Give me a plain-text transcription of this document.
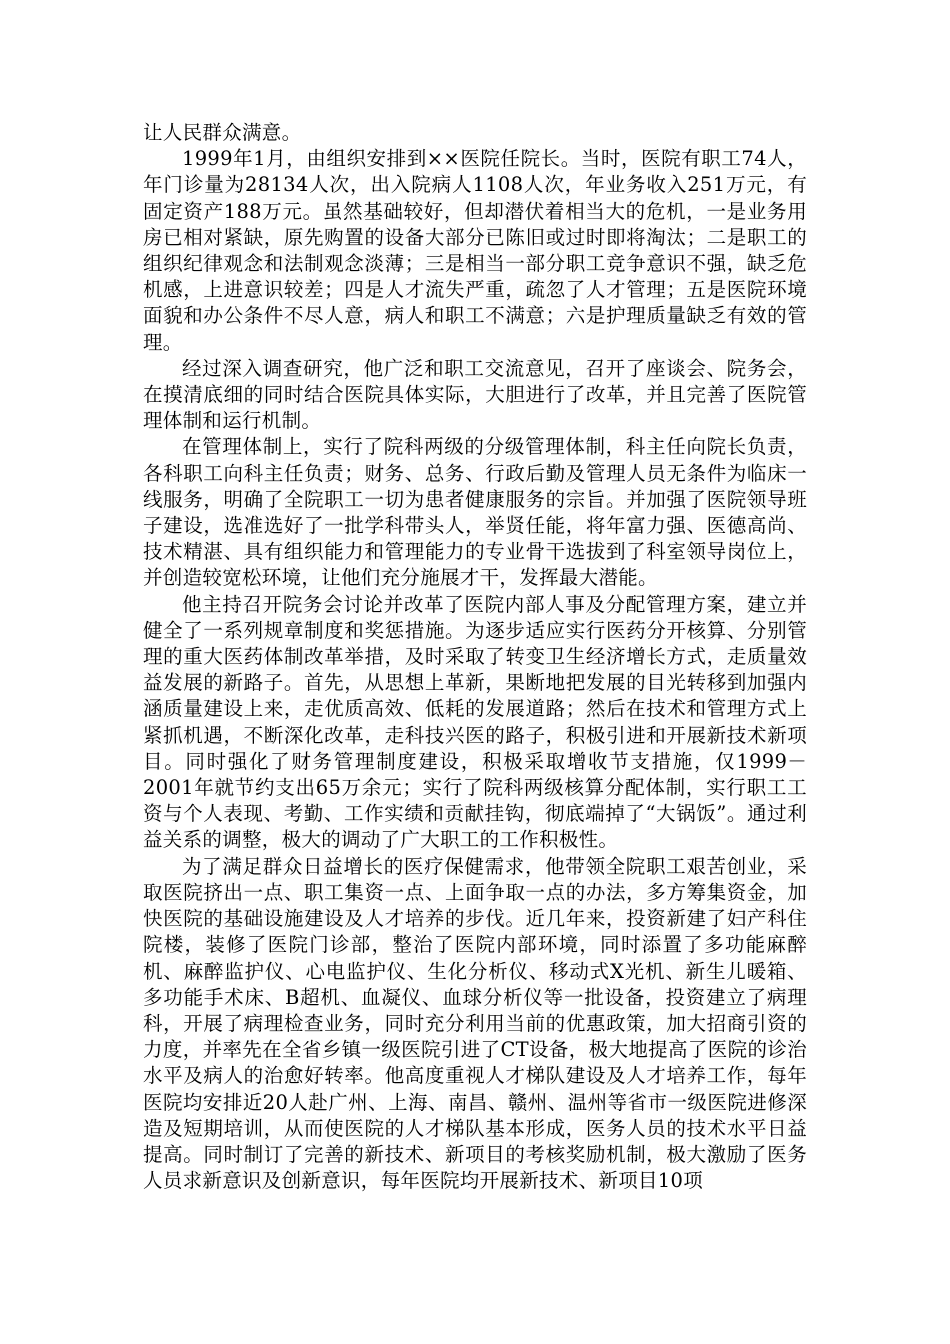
让人民群众满意。

1999年1月，由组织安排到××医院任院长。当时，医院有职工74人，年门诊量为28134人次，出入院病人1108人次，年业务收入251万元，有固定资产188万元。虽然基础较好，但却潜伏着相当大的危机，一是业务用房已相对紧缺，原先购置的设备大部分已陈旧或过时即将淘汰；二是职工的组织纪律观念和法制观念淡薄；三是相当一部分职工竞争意识不强，缺乏危机感，上进意识较差；四是人才流失严重，疏忽了人才管理；五是医院环境面貌和办公条件不尽人意，病人和职工不满意；六是护理质量缺乏有效的管理。

经过深入调查研究，他广泛和职工交流意见，召开了座谈会、院务会，在摸清底细的同时结合医院具体实际，大胆进行了改革，并且完善了医院管理体制和运行机制。

在管理体制上，实行了院科两级的分级管理体制，科主任向院长负责，各科职工向科主任负责；财务、总务、行政后勤及管理人员无条件为临床一线服务，明确了全院职工一切为患者健康服务的宗旨。并加强了医院领导班子建设，选准选好了一批学科带头人，举贤任能，将年富力强、医德高尚、技术精湛、具有组织能力和管理能力的专业骨干选拔到了科室领导岗位上，并创造较宽松环境，让他们充分施展才干，发挥最大潜能。

他主持召开院务会讨论并改革了医院内部人事及分配管理方案，建立并健全了一系列规章制度和奖惩措施。为逐步适应实行医药分开核算、分别管理的重大医药体制改革举措，及时采取了转变卫生经济增长方式，走质量效益发展的新路子。首先，从思想上革新，果断地把发展的目光转移到加强内涵质量建设上来，走优质高效、低耗的发展道路；然后在技术和管理方式上紧抓机遇，不断深化改革，走科技兴医的路子，积极引进和开展新技术新项目。同时强化了财务管理制度建设，积极采取增收节支措施，仅1999－2001年就节约支出65万余元；实行了院科两级核算分配体制，实行职工工资与个人表现、考勤、工作实绩和贡献挂钩，彻底端掉了“大锅饭”。通过利益关系的调整，极大的调动了广大职工的工作积极性。

为了满足群众日益增长的医疗保健需求，他带领全院职工艰苦创业，采取医院挤出一点、职工集资一点、上面争取一点的办法，多方筹集资金，加快医院的基础设施建设及人才培养的步伐。近几年来，投资新建了妇产科住院楼，装修了医院门诊部，整治了医院内部环境，同时添置了多功能麻醉机、麻醉监护仪、心电监护仪、生化分析仪、移动式X光机、新生儿暖箱、多功能手术床、B超机、血凝仪、血球分析仪等一批设备，投资建立了病理科，开展了病理检查业务，同时充分利用当前的优惠政策，加大招商引资的力度，并率先在全省乡镇一级医院引进了CT设备，极大地提高了医院的诊治水平及病人的治愈好转率。他高度重视人才梯队建设及人才培养工作，每年医院均安排近20人赴广州、上海、南昌、赣州、温州等省市一级医院进修深造及短期培训，从而使医院的人才梯队基本形成，医务人员的技术水平日益提高。同时制订了完善的新技术、新项目的考核奖励机制，极大激励了医务人员求新意识及创新意识，每年医院均开展新技术、新项目10项
